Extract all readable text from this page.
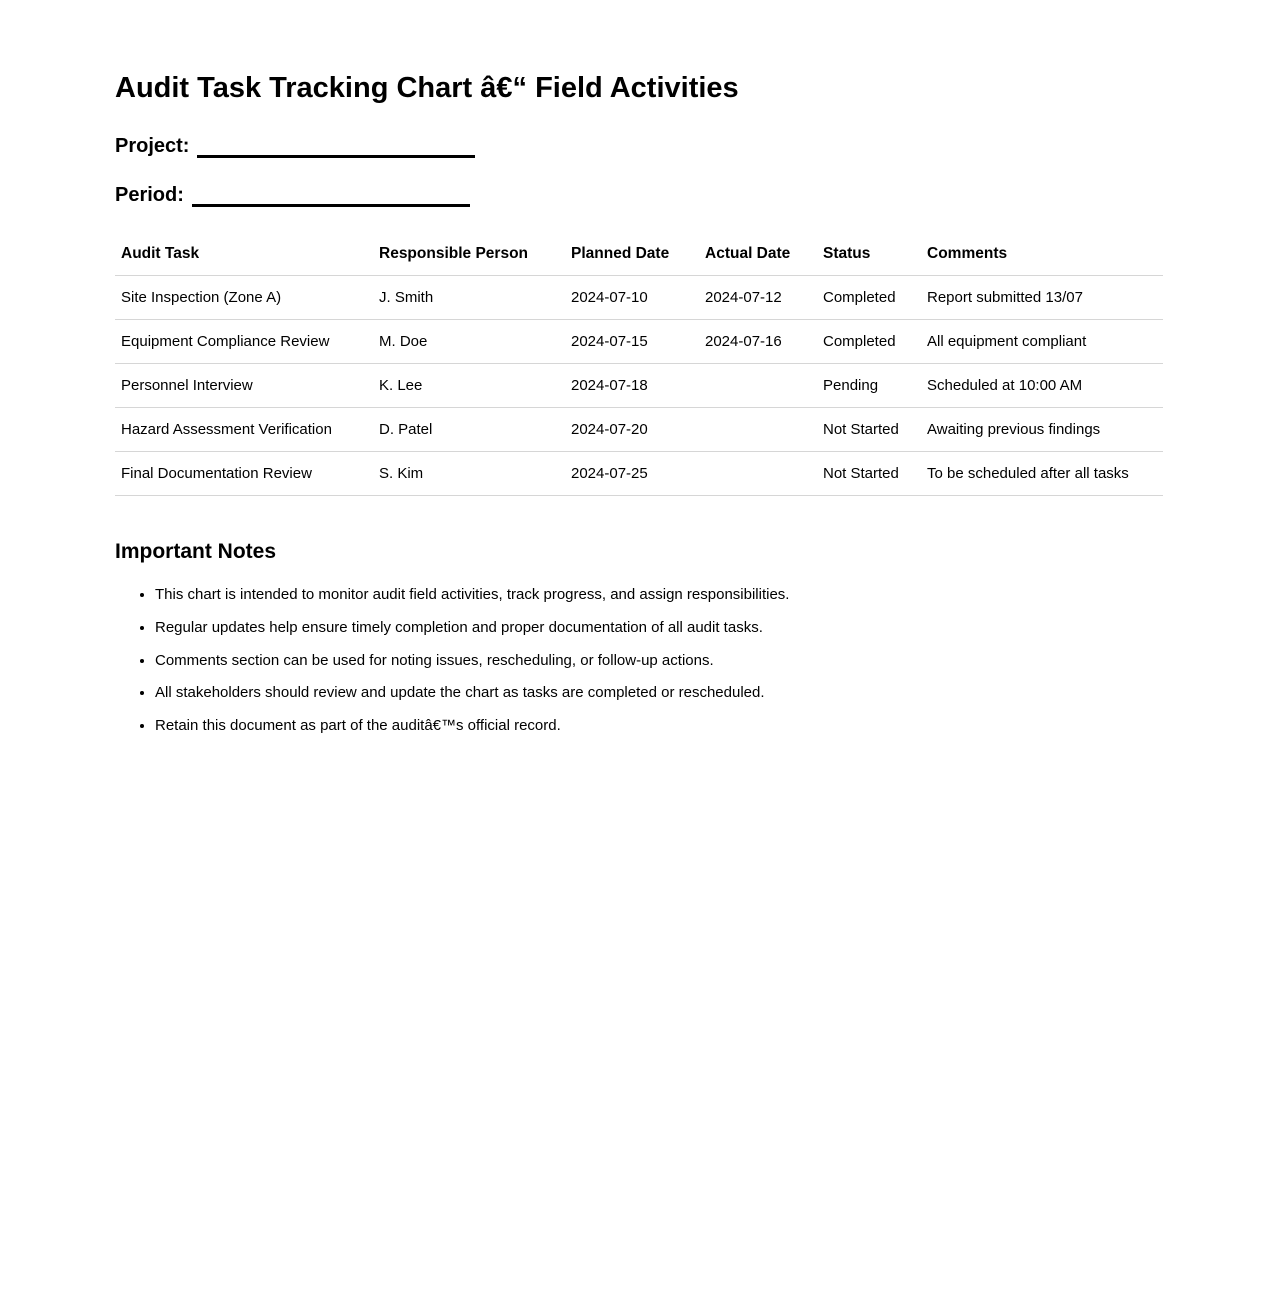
Audit Task Tracking Chart â€“ Field Activities
Project:
Period:
Audit Task	Responsible Person	Planned Date	Actual Date	Status	Comments
Site Inspection (Zone A)	J. Smith	2024-07-10	2024-07-12	Completed	Report submitted 13/07
Equipment Compliance Review	M. Doe	2024-07-15	2024-07-16	Completed	All equipment compliant
Personnel Interview	K. Lee	2024-07-18		Pending	Scheduled at 10:00 AM
Hazard Assessment Verification	D. Patel	2024-07-20		Not Started	Awaiting previous findings
Final Documentation Review	S. Kim	2024-07-25		Not Started	To be scheduled after all tasks
Important Notes
• This chart is intended to monitor audit field activities, track progress, and assign responsibilities.
• Regular updates help ensure timely completion and proper documentation of all audit tasks.
• Comments section can be used for noting issues, rescheduling, or follow-up actions.
• All stakeholders should review and update the chart as tasks are completed or rescheduled.
• Retain this document as part of the auditâ€™s official record.
